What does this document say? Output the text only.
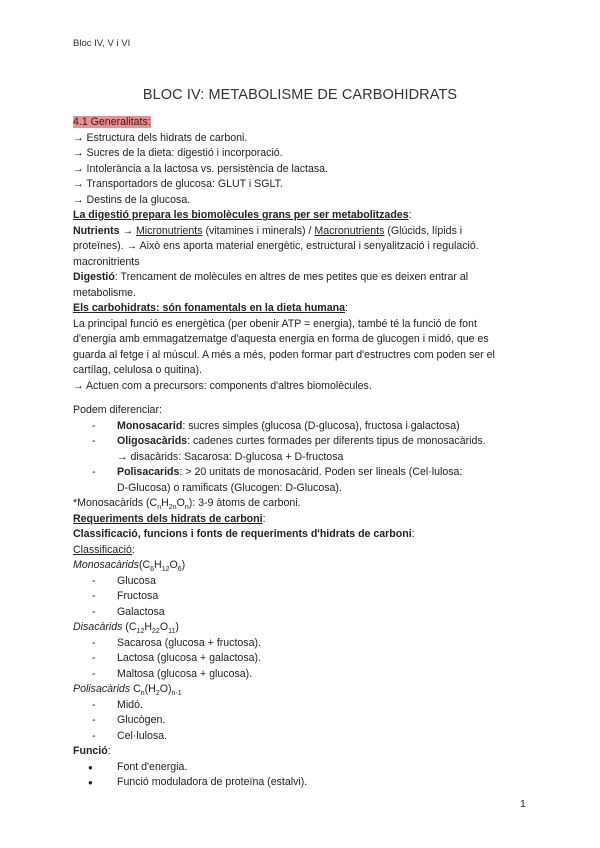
Bloc IV, V i VI
BLOC IV: METABOLISME DE CARBOHIDRATS
4.1 Generalitats:
→ Estructura dels hidrats de carboni.
→ Sucres de la dieta: digestió i incorporació.
→ Intolerància a la lactosa vs. persistència de lactasa.
→ Transportadors de glucosa: GLUT i SGLT.
→ Destins de la glucosa.
La digestió prepara les biomolècules grans per ser metabolitzades:
Nutrients → Micronutrients (vitamines i minerals) / Macronutrients (Glúcids, lípids i
proteïnes). → Això ens aporta material energètic, estructural i senyalització i regulació.
macronitrients
Digestió: Trencament de molècules en altres de mes petites que es deixen entrar al
metabolisme.
Els carbohidrats: són fonamentals en la dieta humana:
La principal funció es energètica (per obenir ATP = energia), també té la funció de font
d'energia amb emmagatzematge d'aquesta energia en forma de glucogen i midó, que es
guarda al fetge i al múscul. A més a més, poden formar part d'estructres com poden ser el
cartílag, celulosa o quitina).
→ Actuen com a precursors: components d'altres biomolècules.
Podem diferenciar:
- Monosacarid: sucres simples (glucosa (D-glucosa), fructosa i galactosa)
- Oligosacàrids: cadenes curtes formades per diferents tipus de monosacàrids.
→ disacàrids: Sacarosa: D-glucosa + D-fructosa
- Polisacarids: > 20 unitats de monosacàrid. Poden ser lineals (Cel·lulosa:
D-Glucosa) o ramificats (Glucogen: D-Glucosa).
*Monosacàrids $(C_nH_{2n}O_n)$: 3-9 àtoms de carboni.
Requeriments dels hidrats de carboni:
Classificació, funcions i fonts de requeriments d'hidrats de carboni:
Classificació:
$Monosacàrids(C_6H_{12}O_6)$
- Glucosa
- Fructosa
- Galactosa
Disacàrids $(C_{12}H_{22}O_{11})$
- Sacarosa (glucosa + fructosa).
- Lactosa (glucosa + galactosa).
- Maltosa (glucosa + glucosa).
Polisacàrids $C_n(H_2O)_{n-1}$
- Midó.
- Glucògen.
- Cel·lulosa.
Funció:
● Font d'energia.
● Funció moduladora de proteïna (estalvi).
1
